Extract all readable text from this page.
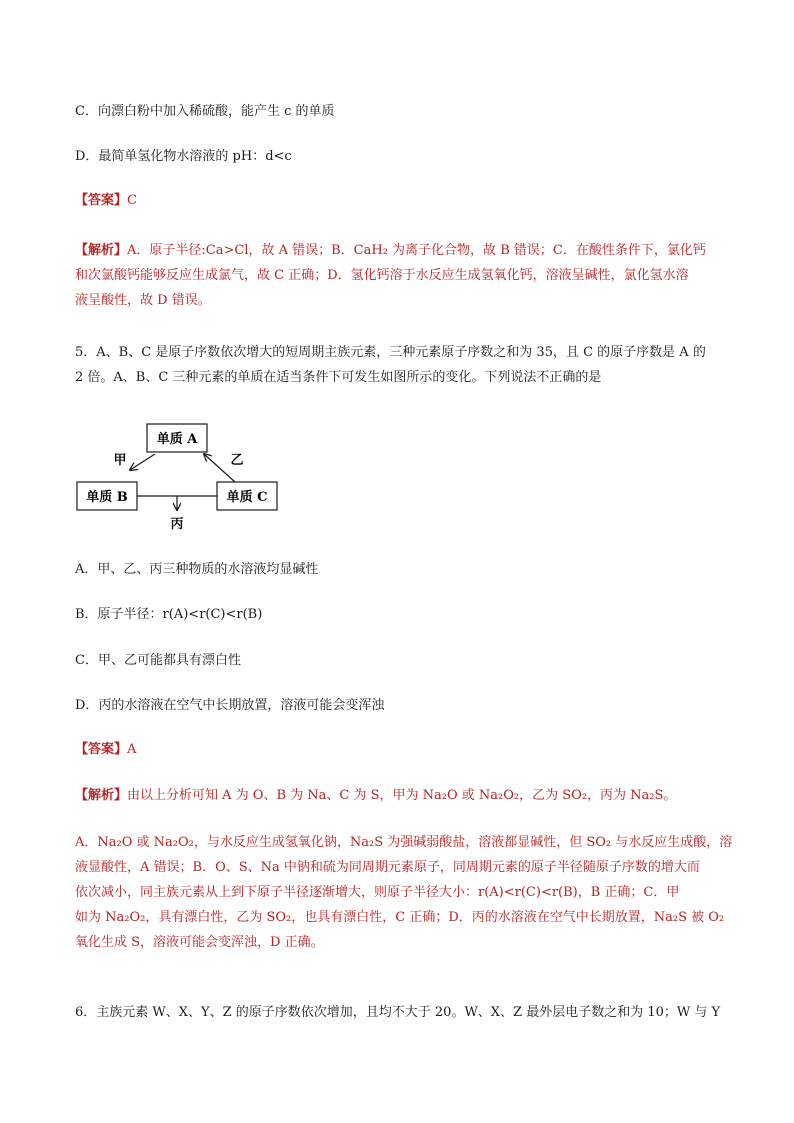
C．向漂白粉中加入稀硫酸，能产生 c 的单质
D．最简单氢化物水溶液的 pH：d<c
【答案】C
【解析】A．原子半径:Ca>Cl，故 A 错误；B．CaH₂ 为离子化合物，故 B 错误；C．在酸性条件下，氯化钙
和次氯酸钙能够反应生成氯气，故 C 正确；D．氢化钙溶于水反应生成氢氧化钙，溶液呈碱性，氯化氢水溶
液呈酸性，故 D 错误。
5．A、B、C 是原子序数依次增大的短周期主族元素，三种元素原子序数之和为 35，且 C 的原子序数是 A 的
2 倍。A、B、C 三种元素的单质在适当条件下可发生如图所示的变化。下列说法不正确的是
单质 A
单质 B	单质 C
丙
甲	乙
A．甲、乙、丙三种物质的水溶液均显碱性
B．原子半径：r(A)<r(C)<r(B)
C．甲、乙可能都具有漂白性
D．丙的水溶液在空气中长期放置，溶液可能会变浑浊
【答案】A
【解析】由以上分析可知 A 为 O、B 为 Na、C 为 S，甲为 Na₂O 或 Na₂O₂，乙为 SO₂，丙为 Na₂S。
A．Na₂O 或 Na₂O₂，与水反应生成氢氧化钠，Na₂S 为强碱弱酸盐，溶液都显碱性，但 SO₂ 与水反应生成酸，溶
液显酸性，A 错误；B．O、S、Na 中钠和硫为同周期元素原子，同周期元素的原子半径随原子序数的增大而
依次减小，同主族元素从上到下原子半径逐渐增大，则原子半径大小：r(A)<r(C)<r(B)，B 正确；C．甲
如为 Na₂O₂，具有漂白性，乙为 SO₂，也具有漂白性，C 正确；D．丙的水溶液在空气中长期放置，Na₂S 被 O₂
氧化生成 S，溶液可能会变浑浊，D 正确。
6．主族元素 W、X、Y、Z 的原子序数依次增加，且均不大于 20。W、X、Z 最外层电子数之和为 10；W 与 Y
